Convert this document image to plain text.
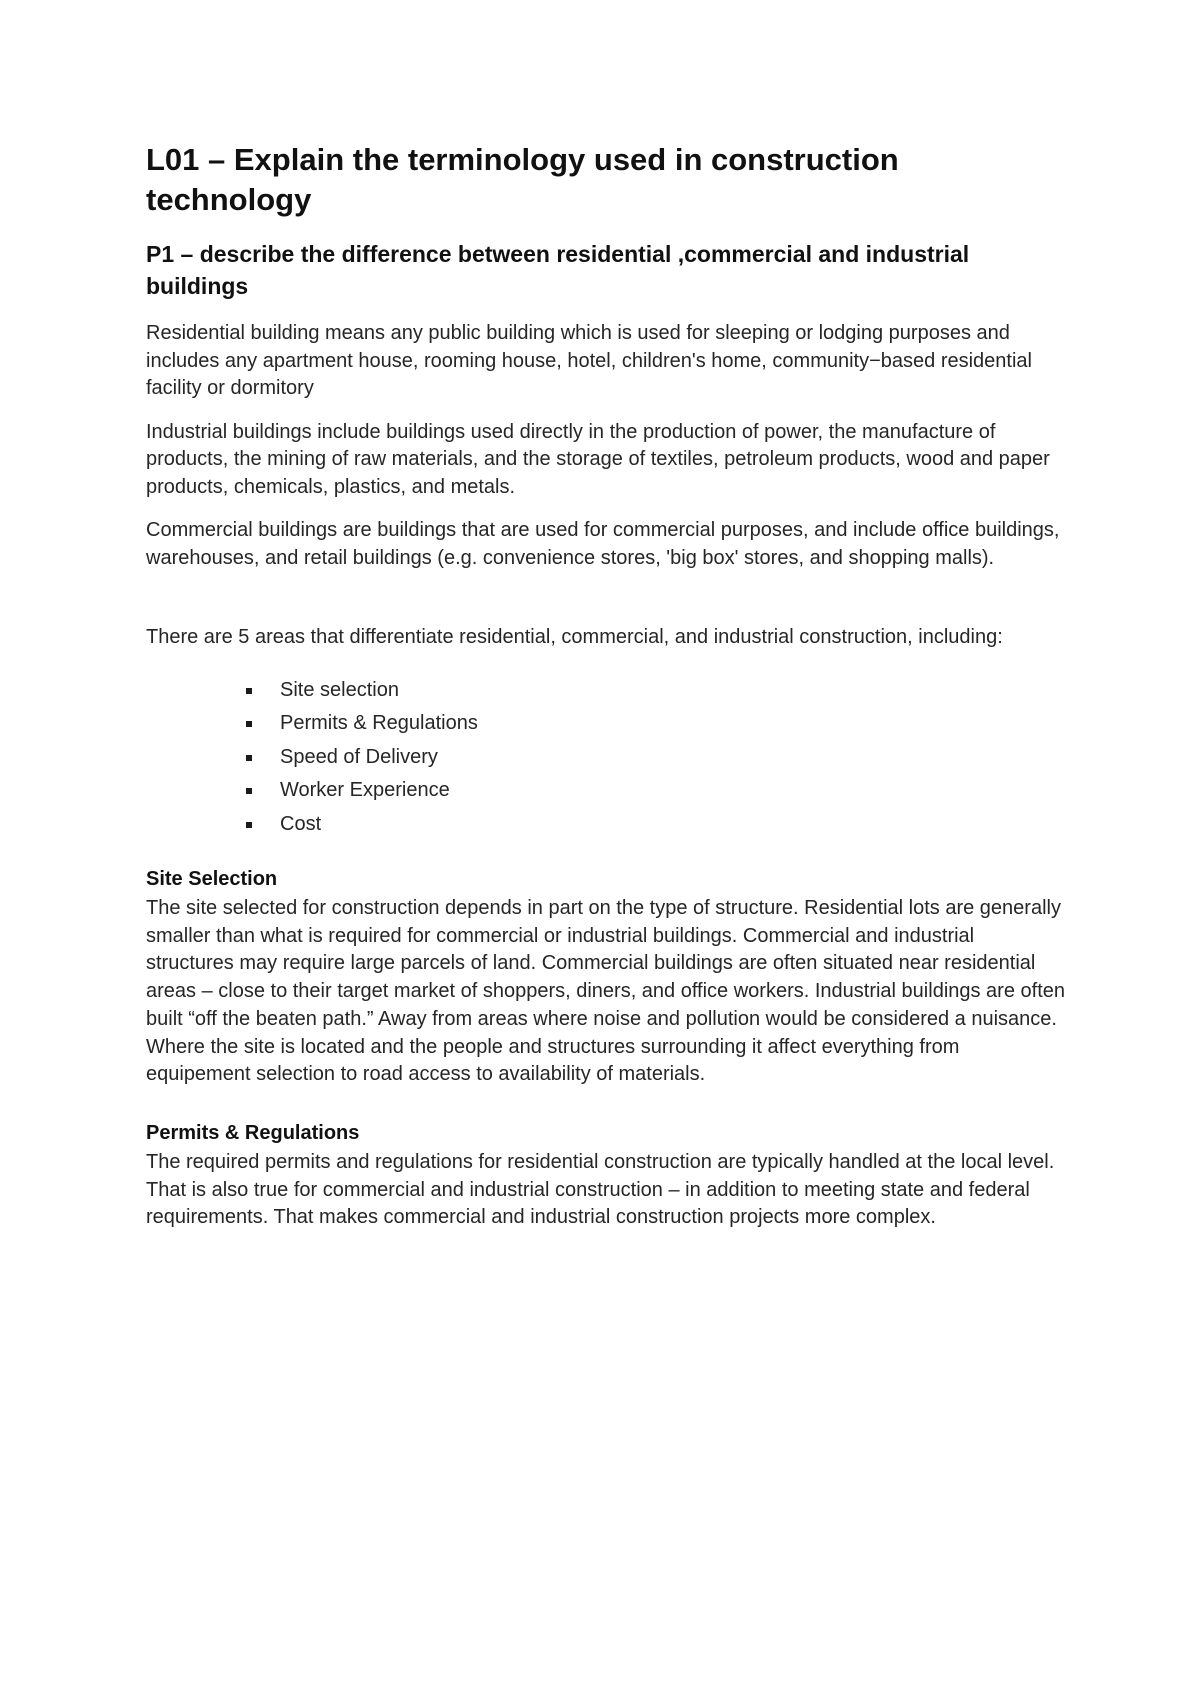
L01 – Explain the terminology used in construction technology
P1 – describe the difference between residential ,commercial and industrial buildings
Residential building means any public building which is used for sleeping or lodging purposes and includes any apartment house, rooming house, hotel, children's home, community−based residential facility or dormitory
Industrial buildings include buildings used directly in the production of power, the manufacture of products, the mining of raw materials, and the storage of textiles, petroleum products, wood and paper products, chemicals, plastics, and metals.
Commercial buildings are buildings that are used for commercial purposes, and include office buildings, warehouses, and retail buildings (e.g. convenience stores, 'big box' stores, and shopping malls).
There are 5 areas that differentiate residential, commercial, and industrial construction, including:
Site selection
Permits & Regulations
Speed of Delivery
Worker Experience
Cost
Site Selection
The site selected for construction depends in part on the type of structure. Residential lots are generally smaller than what is required for commercial or industrial buildings. Commercial and industrial structures may require large parcels of land. Commercial buildings are often situated near residential areas – close to their target market of shoppers, diners, and office workers. Industrial buildings are often built “off the beaten path.” Away from areas where noise and pollution would be considered a nuisance. Where the site is located and the people and structures surrounding it affect everything from equipement selection to road access to availability of materials.
Permits & Regulations
The required permits and regulations for residential construction are typically handled at the local level. That is also true for commercial and industrial construction – in addition to meeting state and federal requirements. That makes commercial and industrial construction projects more complex.
